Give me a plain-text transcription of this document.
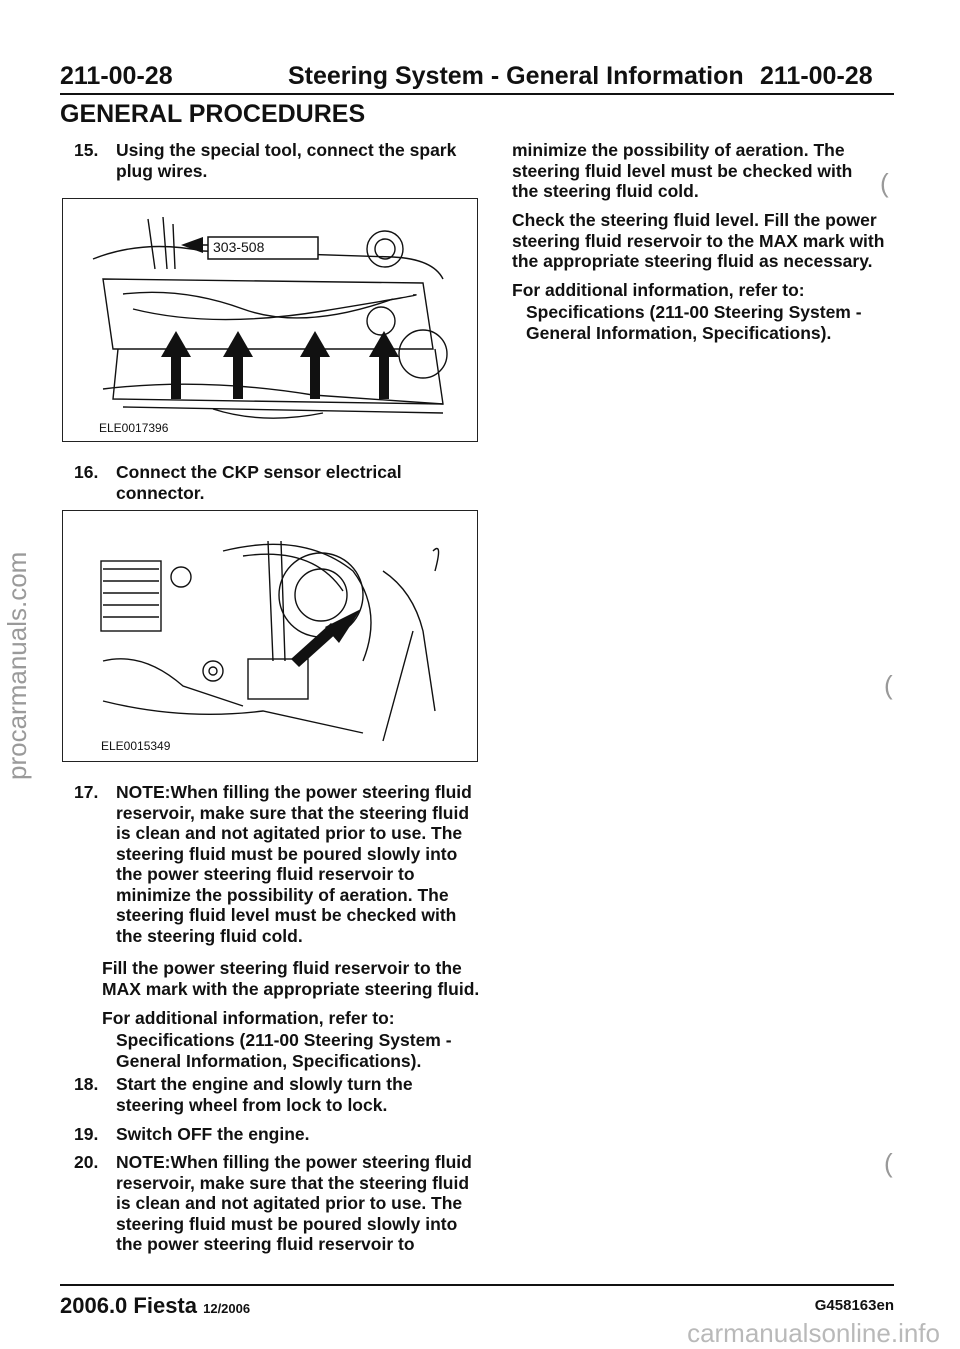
211-00-28	Steering System - General Information 211-00-28
GENERAL PROCEDURES
procarmanuals.com
15. Using the special tool, connect the spark
plug wires.
303-508
ELE0017396
16. Connect the CKP sensor electrical
connector.
ELE0015349
17. NOTE:When filling the power steering fluid
reservoir, make sure that the steering fluid
is clean and not agitated prior to use. The
steering fluid must be poured slowly into
the power steering fluid reservoir to
minimize the possibility of aeration. The
steering fluid level must be checked with
the steering fluid cold.
Fill the power steering fluid reservoir to the
MAX mark with the appropriate steering fluid.
For additional information, refer to:
Specifications (211-00 Steering System -
General Information, Specifications).
18. Start the engine and slowly turn the
steering wheel from lock to lock.
19. Switch OFF the engine.
20. NOTE:When filling the power steering fluid
reservoir, make sure that the steering fluid
is clean and not agitated prior to use. The
steering fluid must be poured slowly into
the power steering fluid reservoir to
minimize the possibility of aeration. The
steering fluid level must be checked with
the steering fluid cold.
Check the steering fluid level. Fill the power
steering fluid reservoir to the MAX mark with
the appropriate steering fluid as necessary.
For additional information, refer to:
Specifications (211-00 Steering System -
General Information, Specifications).
(
(
(
2006.0 Fiesta 12/2006	G458163en
carmanualsonline.info
